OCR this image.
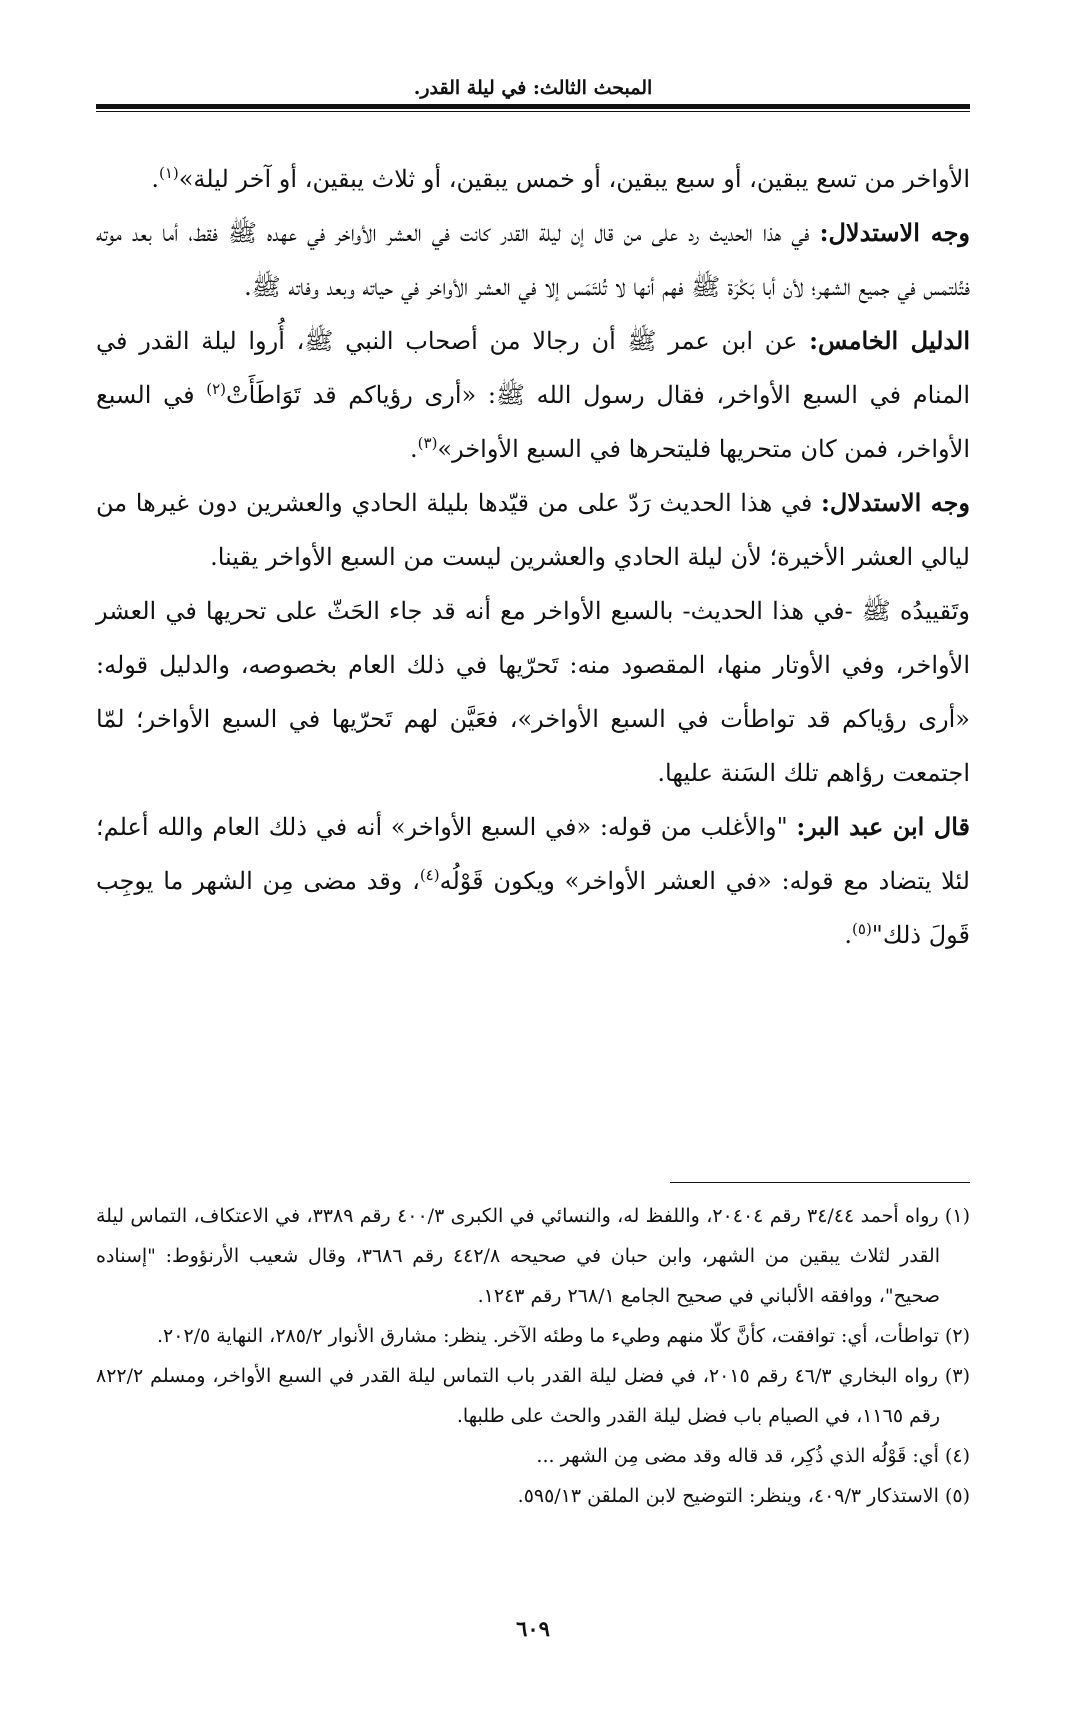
المبحث الثالث: في ليلة القدر.

الأواخر من تسع يبقين، أو سبع يبقين، أو خمس يبقين، أو ثلاث يبقين، أو آخر ليلة»$^{(١)}$.

وجه الاستدلال: في هذا الحديث رد على من قال إن ليلة القدر كانت في العشر الأواخر في عهده ﷺ فقط، أما بعد موته فتُلتمس في جميع الشهر؛ لأن أبا بَكْرَة ﷺ فهم أنها لا تُلتَمَس إلا في العشر الأواخر في حياته وبعد وفاته ﷺ.

الدليل الخامس: عن ابن عمر ﷺ أن رجالا من أصحاب النبي ﷺ، أُروا ليلة القدر في المنام في السبع الأواخر، فقال رسول الله ﷺ: «أرى رؤياكم قد تَوَاطَأَتْ$^{(٢)}$ في السبع الأواخر، فمن كان متحريها فليتحرها في السبع الأواخر»$^{(٣)}$.

وجه الاستدلال: في هذا الحديث رَدّ على من قيّدها بليلة الحادي والعشرين دون غيرها من ليالي العشر الأخيرة؛ لأن ليلة الحادي والعشرين ليست من السبع الأواخر يقينا.

وتَقييدُه ﷺ -في هذا الحديث- بالسبع الأواخر مع أنه قد جاء الحَثّ على تحريها في العشر الأواخر، وفي الأوتار منها، المقصود منه: تَحرّيها في ذلك العام بخصوصه، والدليل قوله: «أرى رؤياكم قد تواطأت في السبع الأواخر»، فعَيَّن لهم تَحرّيها في السبع الأواخر؛ لمّا اجتمعت رؤاهم تلك السَنة عليها.

قال ابن عبد البر: "والأغلب من قوله: «في السبع الأواخر» أنه في ذلك العام والله أعلم؛ لئلا يتضاد مع قوله: «في العشر الأواخر» ويكون قَوْلُه$^{(٤)}$، وقد مضى مِن الشهر ما يوجِب قَولَ ذلك"$^{(٥)}$.

(١) رواه أحمد ٣٤/٤٤ رقم ٢٠٤٠٤، واللفظ له، والنسائي في الكبرى ٤٠٠/٣ رقم ٣٣٨٩، في الاعتكاف، التماس ليلة القدر لثلاث يبقين من الشهر، وابن حبان في صحيحه ٤٤٢/٨ رقم ٣٦٨٦، وقال شعيب الأرنؤوط: "إسناده صحيح"، ووافقه الألباني في صحيح الجامع ٢٦٨/١ رقم ١٢٤٣.

(٢) تواطأت، أي: توافقت، كأنَّ كلّا منهم وطيء ما وطئه الآخر. ينظر: مشارق الأنوار ٢٨٥/٢، النهاية ٢٠٢/٥.

(٣) رواه البخاري ٤٦/٣ رقم ٢٠١٥، في فضل ليلة القدر باب التماس ليلة القدر في السبع الأواخر، ومسلم ٨٢٢/٢ رقم ١١٦٥، في الصيام باب فضل ليلة القدر والحث على طلبها.

(٤) أي: قَوْلُه الذي ذُكِر، قد قاله وقد مضى مِن الشهر ...

(٥) الاستذكار ٤٠٩/٣، وينظر: التوضيح لابن الملقن ٥٩٥/١٣.

٦٠٩
